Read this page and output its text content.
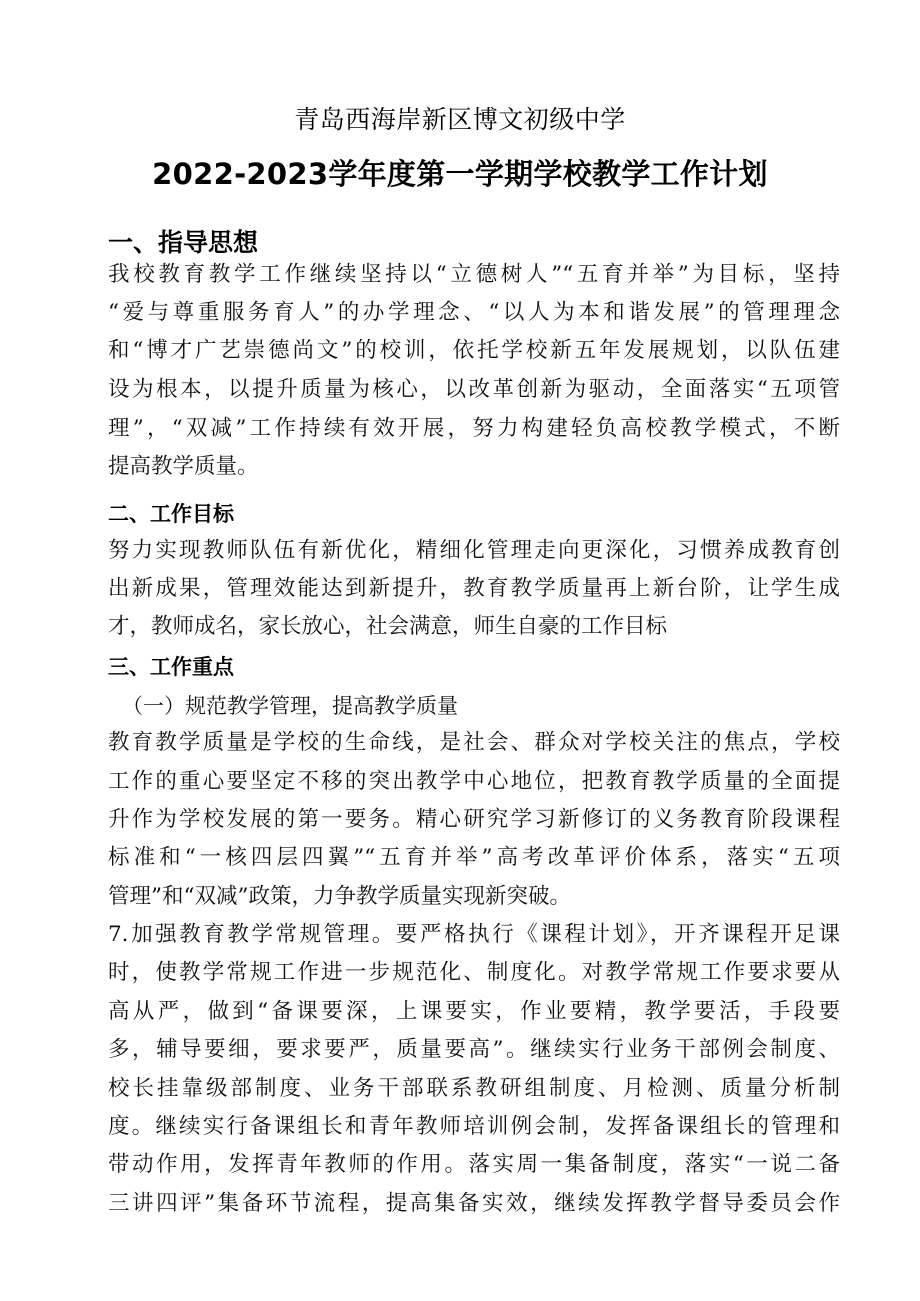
青岛西海岸新区博文初级中学
2022-2023学年度第一学期学校教学工作计划
一、指导思想
我校教育教学工作继续坚持以“立德树人”“五育并举”为目标，坚持
“爱与尊重服务育人”的办学理念、“以人为本和谐发展”的管理理念
和“博才广艺崇德尚文”的校训，依托学校新五年发展规划，以队伍建
设为根本，以提升质量为核心，以改革创新为驱动，全面落实“五项管
理”，“双减”工作持续有效开展，努力构建轻负高校教学模式，不断
提高教学质量。
二、工作目标
努力实现教师队伍有新优化，精细化管理走向更深化，习惯养成教育创
出新成果，管理效能达到新提升，教育教学质量再上新台阶，让学生成
才，教师成名，家长放心，社会满意，师生自豪的工作目标
三、工作重点
（一）规范教学管理，提高教学质量
教育教学质量是学校的生命线，是社会、群众对学校关注的焦点，学校
工作的重心要坚定不移的突出教学中心地位，把教育教学质量的全面提
升作为学校发展的第一要务。精心研究学习新修订的义务教育阶段课程
标准和“一核四层四翼”“五育并举”高考改革评价体系，落实“五项
管理”和“双减”政策，力争教学质量实现新突破。
7.加强教育教学常规管理。要严格执行《课程计划》，开齐课程开足课
时，使教学常规工作进一步规范化、制度化。对教学常规工作要求要从
高从严，做到“备课要深，上课要实，作业要精，教学要活，手段要
多，辅导要细，要求要严，质量要高”。继续实行业务干部例会制度、
校长挂靠级部制度、业务干部联系教研组制度、月检测、质量分析制
度。继续实行备课组长和青年教师培训例会制，发挥备课组长的管理和
带动作用，发挥青年教师的作用。落实周一集备制度，落实“一说二备
三讲四评”集备环节流程，提高集备实效，继续发挥教学督导委员会作
